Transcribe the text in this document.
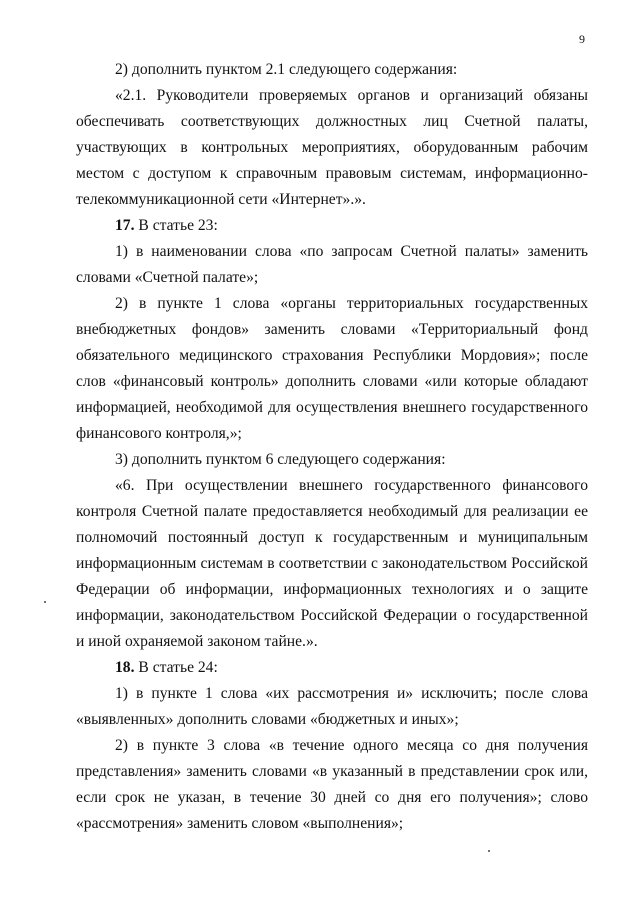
9

2) дополнить пунктом 2.1 следующего содержания:

«2.1. Руководители проверяемых органов и организаций обязаны обеспечивать соответствующих должностных лиц Счетной палаты, участвующих в контрольных мероприятиях, оборудованным рабочим местом с доступом к справочным правовым системам, информационно-телекоммуникационной сети «Интернет».».

17. В статье 23:

1) в наименовании слова «по запросам Счетной палаты» заменить словами «Счетной палате»;

2) в пункте 1 слова «органы территориальных государственных внебюджетных фондов» заменить словами «Территориальный фонд обязательного медицинского страхования Республики Мордовия»; после слов «финансовый контроль» дополнить словами «или которые обладают информацией, необходимой для осуществления внешнего государственного финансового контроля,»;

3) дополнить пунктом 6 следующего содержания:

«6. При осуществлении внешнего государственного финансового контроля Счетной палате предоставляется необходимый для реализации ее полномочий постоянный доступ к государственным и муниципальным информационным системам в соответствии с законодательством Российской Федерации об информации, информационных технологиях и о защите информации, законодательством Российской Федерации о государственной и иной охраняемой законом тайне.».

18. В статье 24:

1) в пункте 1 слова «их рассмотрения и» исключить; после слова «выявленных» дополнить словами «бюджетных и иных»;

2) в пункте 3 слова «в течение одного месяца со дня получения представления» заменить словами «в указанный в представлении срок или, если срок не указан, в течение 30 дней со дня его получения»; слово «рассмотрения» заменить словом «выполнения»;
